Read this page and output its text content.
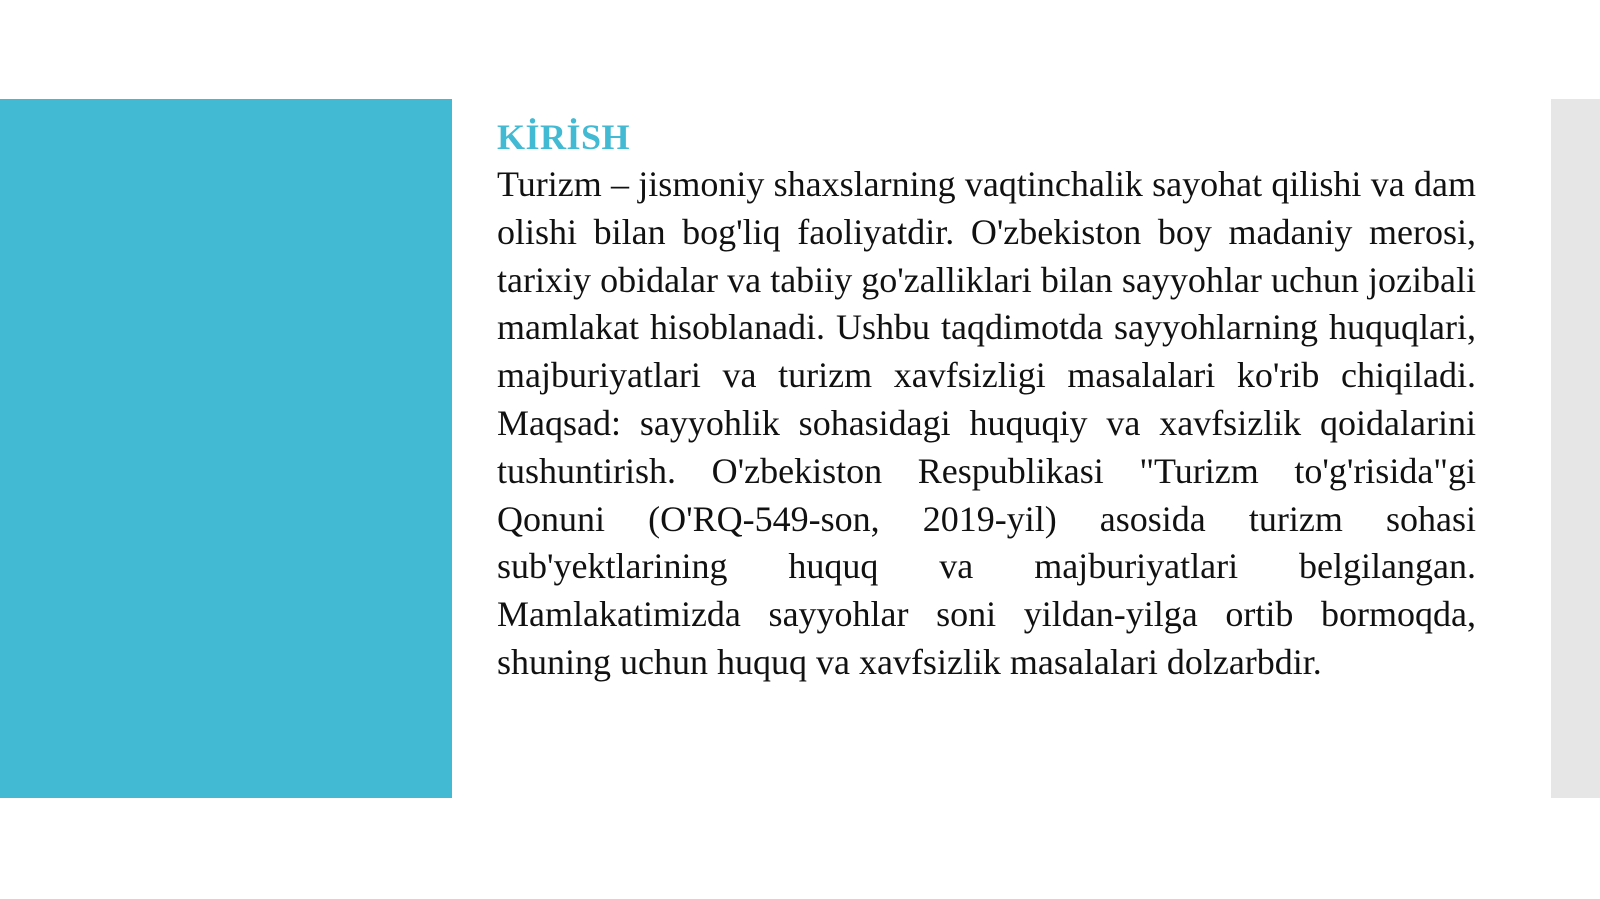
KİRİSH

Turizm – jismoniy shaxslarning vaqtinchalik sayohat qilishi va dam olishi bilan bog'liq faoliyatdir. O'zbekiston boy madaniy merosi, tarixiy obidalar va tabiiy go'zalliklari bilan sayyohlar uchun jozibali mamlakat hisoblanadi. Ushbu taqdimotda sayyohlarning huquqlari, majburiyatlari va turizm xavfsizligi masalalari ko'rib chiqiladi. Maqsad: sayyohlik sohasidagi huquqiy va xavfsizlik qoidalarini tushuntirish. O'zbekiston Respublikasi "Turizm to'g'risida"gi Qonuni (O'RQ-549-son, 2019-yil) asosida turizm sohasi sub'yektlarining huquq va majburiyatlari belgilangan. Mamlakatimizda sayyohlar soni yildan-yilga ortib bormoqda, shuning uchun huquq va xavfsizlik masalalari dolzarbdir.
